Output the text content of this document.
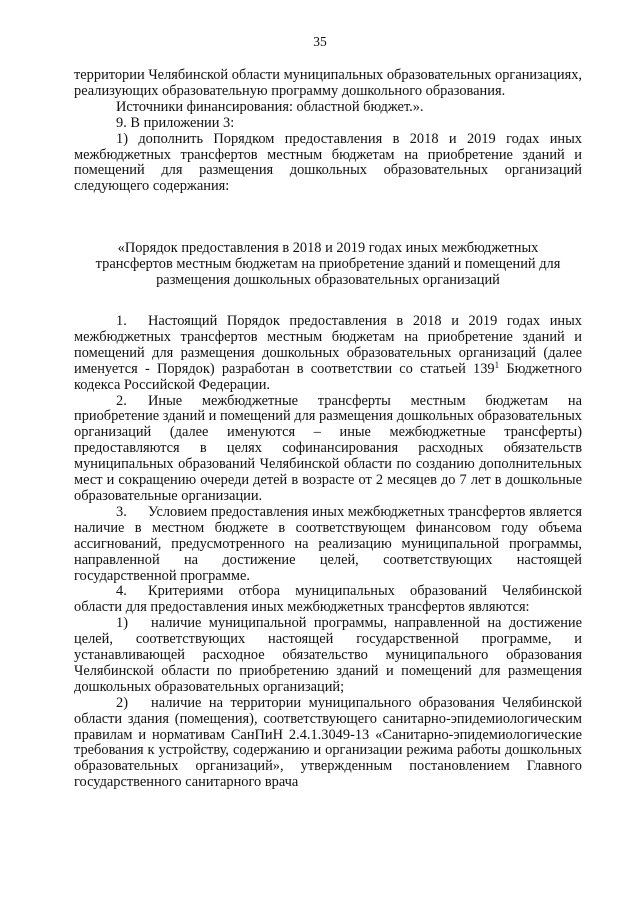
35

территории Челябинской области муниципальных образовательных организациях, реализующих образовательную программу дошкольного образования.

Источники финансирования: областной бюджет.».

9. В приложении 3:

1) дополнить Порядком предоставления в 2018 и 2019 годах иных межбюджетных трансфертов местным бюджетам на приобретение зданий и помещений для размещения дошкольных образовательных организаций следующего содержания:

«Порядок предоставления в 2018 и 2019 годах иных межбюджетных

трансфертов местным бюджетам на приобретение зданий и помещений для

размещения дошкольных образовательных организаций

1. Настоящий Порядок предоставления в 2018 и 2019 годах иных межбюджетных трансфертов местным бюджетам на приобретение зданий и помещений для размещения дошкольных образовательных организаций (далее именуется - Порядок) разработан в соответствии со статьей $139^1$ Бюджетного кодекса Российской Федерации.

2. Иные межбюджетные трансферты местным бюджетам на приобретение зданий и помещений для размещения дошкольных образовательных организаций (далее именуются – иные межбюджетные трансферты) предоставляются в целях софинансирования расходных обязательств муниципальных образований Челябинской области по созданию дополнительных мест и сокращению очереди детей в возрасте от 2 месяцев до 7 лет в дошкольные образовательные организации.

3. Условием предоставления иных межбюджетных трансфертов является наличие в местном бюджете в соответствующем финансовом году объема ассигнований, предусмотренного на реализацию муниципальной программы, направленной на достижение целей, соответствующих настоящей государственной программе.

4. Критериями отбора муниципальных образований Челябинской области для предоставления иных межбюджетных трансфертов являются:

1) наличие муниципальной программы, направленной на достижение целей, соответствующих настоящей государственной программе, и устанавливающей расходное обязательство муниципального образования Челябинской области по приобретению зданий и помещений для размещения дошкольных образовательных организаций;

2) наличие на территории муниципального образования Челябинской области здания (помещения), соответствующего санитарно-эпидемиологическим правилам и нормативам СанПиН 2.4.1.3049-13 «Санитарно-эпидемиологические требования к устройству, содержанию и организации режима работы дошкольных образовательных организаций», утвержденным постановлением Главного государственного санитарного врача
